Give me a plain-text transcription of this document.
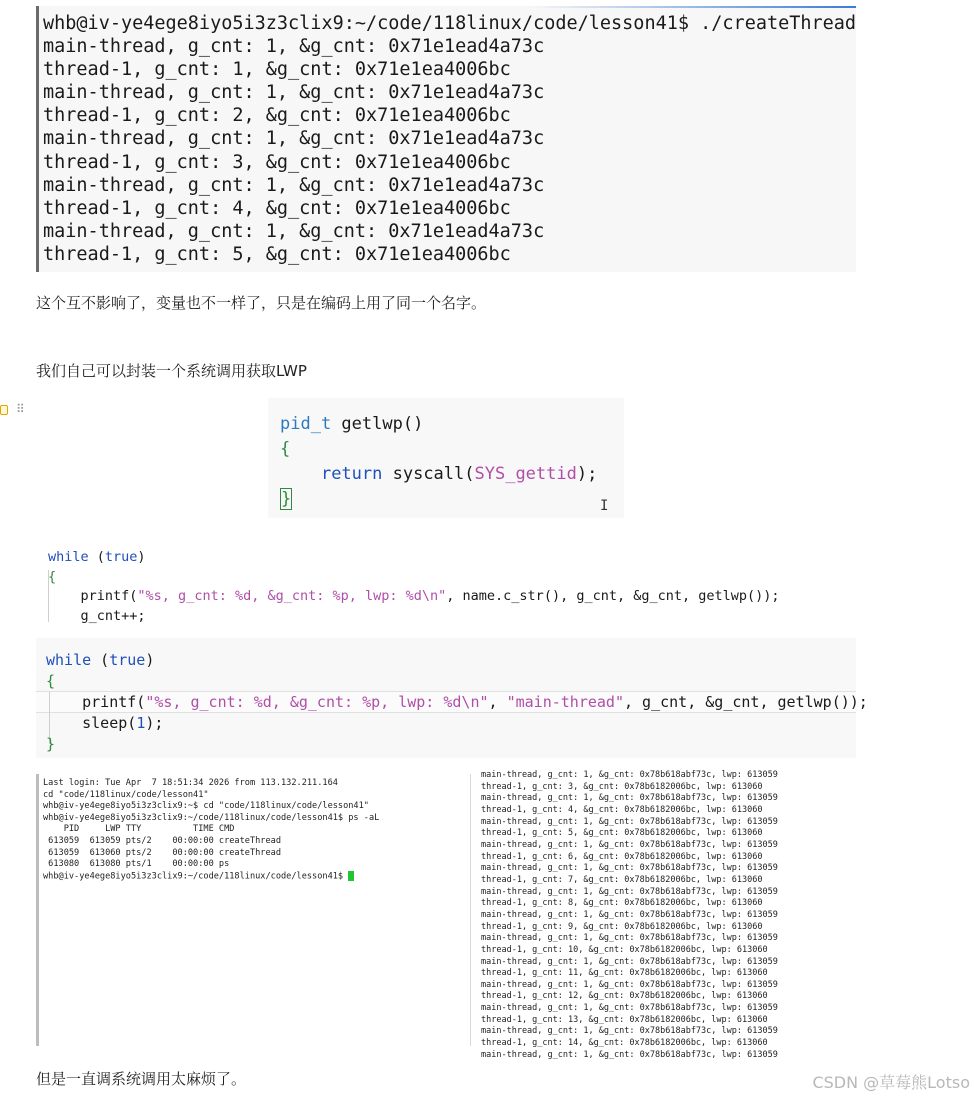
whb@iv-ye4ege8iyo5i3z3clix9:~/code/118linux/code/lesson41$ ./createThread
main-thread, g_cnt: 1, &g_cnt: 0x71e1ead4a73c
thread-1, g_cnt: 1, &g_cnt: 0x71e1ea4006bc
main-thread, g_cnt: 1, &g_cnt: 0x71e1ead4a73c
thread-1, g_cnt: 2, &g_cnt: 0x71e1ea4006bc
main-thread, g_cnt: 1, &g_cnt: 0x71e1ead4a73c
thread-1, g_cnt: 3, &g_cnt: 0x71e1ea4006bc
main-thread, g_cnt: 1, &g_cnt: 0x71e1ead4a73c
thread-1, g_cnt: 4, &g_cnt: 0x71e1ea4006bc
main-thread, g_cnt: 1, &g_cnt: 0x71e1ead4a73c
thread-1, g_cnt: 5, &g_cnt: 0x71e1ea4006bc
这个互不影响了，变量也不一样了，只是在编码上用了同一个名字。
我们自己可以封装一个系统调用获取LWP
⠿
pid_t getlwp()
{
return syscall(SYS_gettid);
}	I
while (true)
{
printf("%s, g_cnt: %d, &g_cnt: %p, lwp: %d\n", name.c_str(), g_cnt, &g_cnt, getlwp());
g_cnt++;
while (true)
{
printf("%s, g_cnt: %d, &g_cnt: %p, lwp: %d\n", "main-thread", g_cnt, &g_cnt, getlwp());
sleep(1);
}
Last login: Tue Apr  7 18:51:34 2026 from 113.132.211.164
cd "code/118linux/code/lesson41"
whb@iv-ye4ege8iyo5i3z3clix9:~$ cd "code/118linux/code/lesson41"
whb@iv-ye4ege8iyo5i3z3clix9:~/code/118linux/code/lesson41$ ps -aL
PID     LWP TTY          TIME CMD
613059  613059 pts/2    00:00:00 createThread
613059  613060 pts/2    00:00:00 createThread
613080  613080 pts/1    00:00:00 ps
whb@iv-ye4ege8iyo5i3z3clix9:~/code/118linux/code/lesson41$
main-thread, g_cnt: 1, &g_cnt: 0x78b618abf73c, lwp: 613059
thread-1, g_cnt: 3, &g_cnt: 0x78b6182006bc, lwp: 613060
main-thread, g_cnt: 1, &g_cnt: 0x78b618abf73c, lwp: 613059
thread-1, g_cnt: 4, &g_cnt: 0x78b6182006bc, lwp: 613060
main-thread, g_cnt: 1, &g_cnt: 0x78b618abf73c, lwp: 613059
thread-1, g_cnt: 5, &g_cnt: 0x78b6182006bc, lwp: 613060
main-thread, g_cnt: 1, &g_cnt: 0x78b618abf73c, lwp: 613059
thread-1, g_cnt: 6, &g_cnt: 0x78b6182006bc, lwp: 613060
main-thread, g_cnt: 1, &g_cnt: 0x78b618abf73c, lwp: 613059
thread-1, g_cnt: 7, &g_cnt: 0x78b6182006bc, lwp: 613060
main-thread, g_cnt: 1, &g_cnt: 0x78b618abf73c, lwp: 613059
thread-1, g_cnt: 8, &g_cnt: 0x78b6182006bc, lwp: 613060
main-thread, g_cnt: 1, &g_cnt: 0x78b618abf73c, lwp: 613059
thread-1, g_cnt: 9, &g_cnt: 0x78b6182006bc, lwp: 613060
main-thread, g_cnt: 1, &g_cnt: 0x78b618abf73c, lwp: 613059
thread-1, g_cnt: 10, &g_cnt: 0x78b6182006bc, lwp: 613060
main-thread, g_cnt: 1, &g_cnt: 0x78b618abf73c, lwp: 613059
thread-1, g_cnt: 11, &g_cnt: 0x78b6182006bc, lwp: 613060
main-thread, g_cnt: 1, &g_cnt: 0x78b618abf73c, lwp: 613059
thread-1, g_cnt: 12, &g_cnt: 0x78b6182006bc, lwp: 613060
main-thread, g_cnt: 1, &g_cnt: 0x78b618abf73c, lwp: 613059
thread-1, g_cnt: 13, &g_cnt: 0x78b6182006bc, lwp: 613060
main-thread, g_cnt: 1, &g_cnt: 0x78b618abf73c, lwp: 613059
thread-1, g_cnt: 14, &g_cnt: 0x78b6182006bc, lwp: 613060
main-thread, g_cnt: 1, &g_cnt: 0x78b618abf73c, lwp: 613059
但是一直调系统调用太麻烦了。	CSDN @草莓熊Lotso
